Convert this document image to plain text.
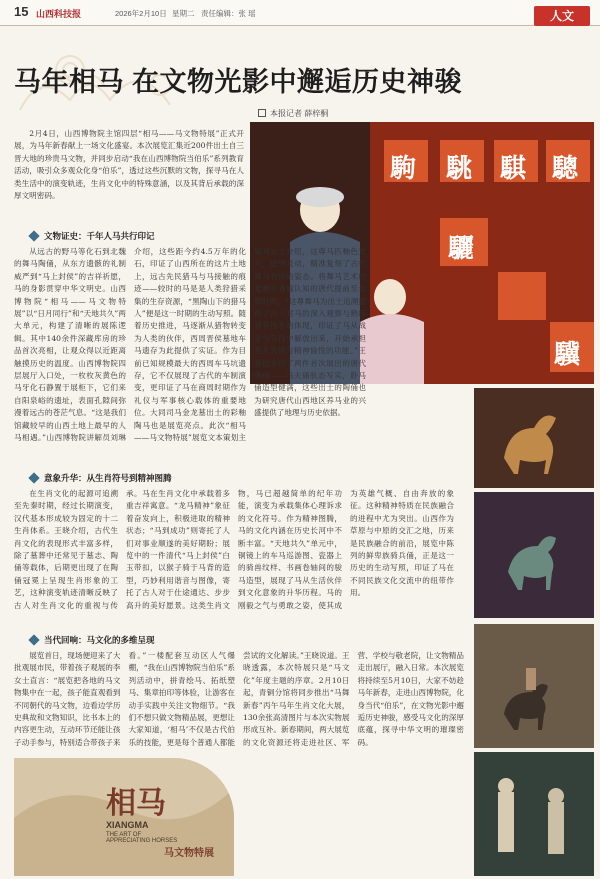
15 山西科技报	2026年2月10日 星期二 责任编辑：张 瑶	人文
马年相马 在文物光影中邂逅历史神骏
本报记者 薛梓桐
2月4日，山西博物院主馆四层“相马——马文物特展”正式开展，为马年新春献上一场文化盛宴。本次展览汇集近200件出土自三晋大地的珍贵马文物，并同步启动“我在山西博物院当伯乐”系列教育活动，吸引众多观众化身“伯乐”，透过这些沉默的文物，探寻马在人类生活中的演变轨迹，生肖文化中的特殊意涵，以及其背后承载的深厚文明密码。
駒 駣 騏 驄
驪
驥
文物证史：千年人马共行印记
从远古的野马等化石到北魏的舞马陶俑，从东方遗骸的礼制威严到“马上封侯”的吉祥祈愿，马的身影贯穿中华文明史。山西博物院“相马——马文物特展”以“日月同行”和“天地共久”两大单元，构建了清晰的展陈逻辑。其中140余件深藏库房的珍品首次亮相，让观众得以近距离触摸历史的温度。山西博物院四层展厅入口处，一枚枚灰黄色的马牙化石静置于展柜下，它们来自阳泉峪的遗址，表面孔隙间弥漫着远古的苍茫气息。“这是我们馆藏较早的山西土地上最早的人马相遇。”山西博物院讲解员刘琳介绍，这些距今约4.5万年的化石，印证了山西所在的这片土地上，远古先民猎马与马接触的痕迹——较时的马是是人类狩猎采集的生存资源，“黑陶山下的猎马人”便是这一时期的生动写照。随着历史推进，马逐渐从猎物转变为人类的伙伴，西周晋侯墓地车马遗存为此提供了实证。作为目前已知规模最大的西周车马坑遗存，它不仅展现了古代的车制演变，更印证了马在商周时期作为礼仪与军事核心载体的重要地位。大同司马金龙墓出土的彩釉陶马也是展览亮点。此次“相马——马文物特展”展览文本策划主编刘女士介绍，这尊马匹釉色光亮，造型灵动，精准复刻了古代舞马表演的姿态。将舞马艺术的起源从普遍认知的唐代提前至北朝时期，“这尊舞马为出土追溯提供了古人对马的深入观察与熟练驯养技术的体现，印证了马从战争与劳役中解放出来，开始承担艺术表演与精神愉悦的功能。”王晓提介绍了两件首次展出的唐代陶俑——马夫俑驮态写实，卧马俑造型健满，这些出土的陶俑也为研究唐代山西地区养马业的兴盛提供了地理与历史依据。
意象升华：从生肖符号到精神图腾
在生肖文化的起源可追溯至先秦时期，经过长期演变，汉代基本形成较为固定的十二生肖体系。王晓介绍，古代生肖文化的表现形式丰富多样，除了墓葬中还常见于墓志、陶俑等载体，后期更出现了在陶俑冠冕上呈现生肖形象的工艺，这种演变轨迹清晰反映了古人对生肖文化的重视与传承。马在生肖文化中承载着多重吉祥寓意。“龙马精神”象征着奋发向上，积极进取的精神状态；“马到成功”则寄托了人们对事业顺遂的美好期盼；展览中的一件清代“马上封侯”白玉带扣，以猴子骑于马背的造型，巧妙利用谐音与图像，寄托了古人对于仕途通达、步步高升的美好愿景。这类生肖文物，马已超越简单的纪年功能，演变为承载集体心理诉求的文化符号。作为精神图腾，马的文化内涵在历史长河中不断丰富。“天地共久”单元中，铜镜上的车马巡游图、瓷器上的骑兽纹样、书画卷轴间的骏马造型，展现了马从生活伙伴到文化意象的升华历程。马的刚毅之气与勇敢之姿，使其成为英雄气概、自由奔放的象征。这种精神特质在民族融合的进程中尤为突出。山西作为草原与中原的交汇之地，历来是民族融合的前沿，展览中陈列的鲜卑族骑兵俑，正是这一历史的生动写照，印证了马在不同民族文化交流中的纽带作用。
当代回响：马文化的多维呈现
展览首日，现场便迎来了大批观展市民，带着孩子观展的李女士直言：“展览把各地的马文物集中在一起，孩子能直观看到不同朝代的马文物，边看边学历史典故和文物知识，比书本上的内容更生动，互动环节还能让孩子动手参与，特别适合带孩子来看。”一楼配套互动区人气爆棚，“我在山西博物院当伯乐”系列活动中，拼青绘马、拓纸塑马、集章拍印等体验，让游客在动手实践中关注文物细节。“我们不想只做文物精品展，更想让大家知道，‘相马’不仅是古代伯乐的技能，更是每个普通人都能尝试的文化解读。”王晓说道。王晓透露，本次特展只是“马文化”年度主题的序章。2月10日起，青铜分馆将同步推出“马舞新春”丙午马年生肖文化大展，130余张高清图片与本次实物展形成互补。新春期间，两大展览的文化资源还将走进社区、军营、学校与敬老院，让文物精品走出展厅，融入日常。本次展览将持续至5月10日，大家不妨趁马年新春，走进山西博物院，化身当代“伯乐”，在文物光影中邂逅历史神骏，感受马文化的深厚底蕴，探寻中华文明的璀璨密码。
相马
XIANGMA
THE ART OF APPRECIATING HORSES
马文物特展
